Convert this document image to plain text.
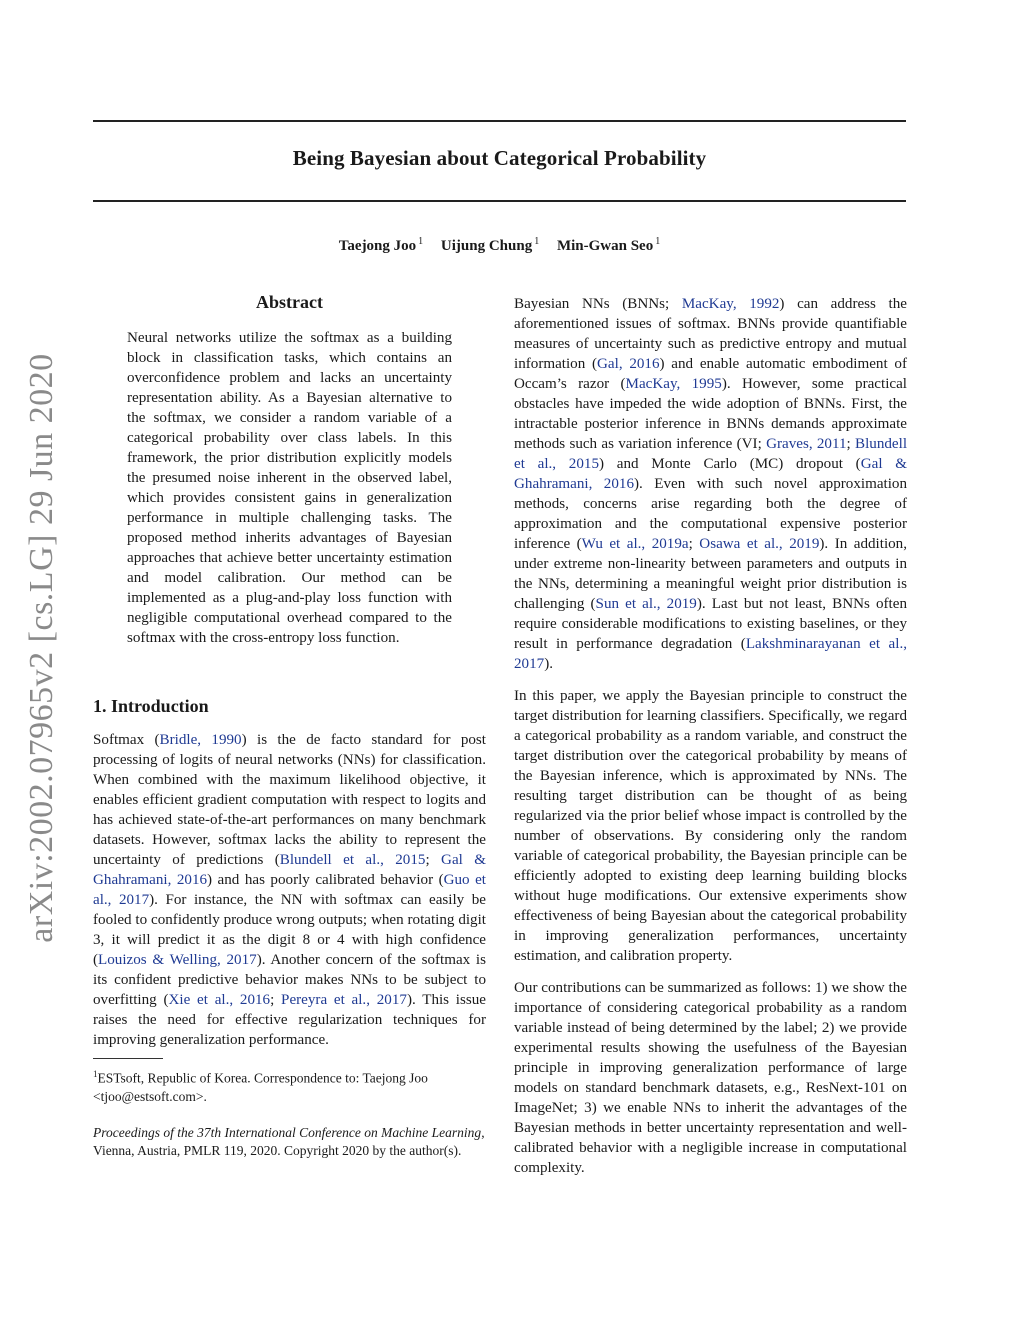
arXiv:2002.07965v2 [cs.LG] 29 Jun 2020
Being Bayesian about Categorical Probability
Taejong Joo $^1$ Uijung Chung $^1$ Min-Gwan Seo $^1$
Abstract

Neural networks utilize the softmax as a building block in classification tasks, which contains an overconfidence problem and lacks an uncertainty representation ability. As a Bayesian alternative to the softmax, we consider a random variable of a categorical probability over class labels. In this framework, the prior distribution explicitly models the presumed noise inherent in the observed label, which provides consistent gains in generalization performance in multiple challenging tasks. The proposed method inherits advantages of Bayesian approaches that achieve better uncertainty estimation and model calibration. Our method can be implemented as a plug-and-play loss function with negligible computational overhead compared to the softmax with the cross-entropy loss function.

1. Introduction

Softmax (Bridle, 1990) is the de facto standard for post processing of logits of neural networks (NNs) for classification. When combined with the maximum likelihood objective, it enables efficient gradient computation with respect to logits and has achieved state-of-the-art performances on many benchmark datasets. However, softmax lacks the ability to represent the uncertainty of predictions (Blundell et al., 2015; Gal & Ghahramani, 2016) and has poorly calibrated behavior (Guo et al., 2017). For instance, the NN with softmax can easily be fooled to confidently produce wrong outputs; when rotating digit 3, it will predict it as the digit 8 or 4 with high confidence (Louizos & Welling, 2017). Another concern of the softmax is its confident predictive behavior makes NNs to be subject to overfitting (Xie et al., 2016; Pereyra et al., 2017). This issue raises the need for effective regularization techniques for improving generalization performance.

$^1$ESTsoft, Republic of Korea. Correspondence to: Taejong Joo <tjoo@estsoft.com>.

Proceedings of the 37th International Conference on Machine Learning, Vienna, Austria, PMLR 119, 2020. Copyright 2020 by the author(s).

Bayesian NNs (BNNs; MacKay, 1992) can address the aforementioned issues of softmax. BNNs provide quantifiable measures of uncertainty such as predictive entropy and mutual information (Gal, 2016) and enable automatic embodiment of Occam’s razor (MacKay, 1995). However, some practical obstacles have impeded the wide adoption of BNNs. First, the intractable posterior inference in BNNs demands approximate methods such as variation inference (VI; Graves, 2011; Blundell et al., 2015) and Monte Carlo (MC) dropout (Gal & Ghahramani, 2016). Even with such novel approximation methods, concerns arise regarding both the degree of approximation and the computational expensive posterior inference (Wu et al., 2019a; Osawa et al., 2019). In addition, under extreme non-linearity between parameters and outputs in the NNs, determining a meaningful weight prior distribution is challenging (Sun et al., 2019). Last but not least, BNNs often require considerable modifications to existing baselines, or they result in performance degradation (Lakshminarayanan et al., 2017).

In this paper, we apply the Bayesian principle to construct the target distribution for learning classifiers. Specifically, we regard a categorical probability as a random variable, and construct the target distribution over the categorical probability by means of the Bayesian inference, which is approximated by NNs. The resulting target distribution can be thought of as being regularized via the prior belief whose impact is controlled by the number of observations. By considering only the random variable of categorical probability, the Bayesian principle can be efficiently adopted to existing deep learning building blocks without huge modifications. Our extensive experiments show effectiveness of being Bayesian about the categorical probability in improving generalization performances, uncertainty estimation, and calibration property.

Our contributions can be summarized as follows: 1) we show the importance of considering categorical probability as a random variable instead of being determined by the label; 2) we provide experimental results showing the usefulness of the Bayesian principle in improving generalization performance of large models on standard benchmark datasets, e.g., ResNext-101 on ImageNet; 3) we enable NNs to inherit the advantages of the Bayesian methods in better uncertainty representation and well-calibrated behavior with a negligible increase in computational complexity.
